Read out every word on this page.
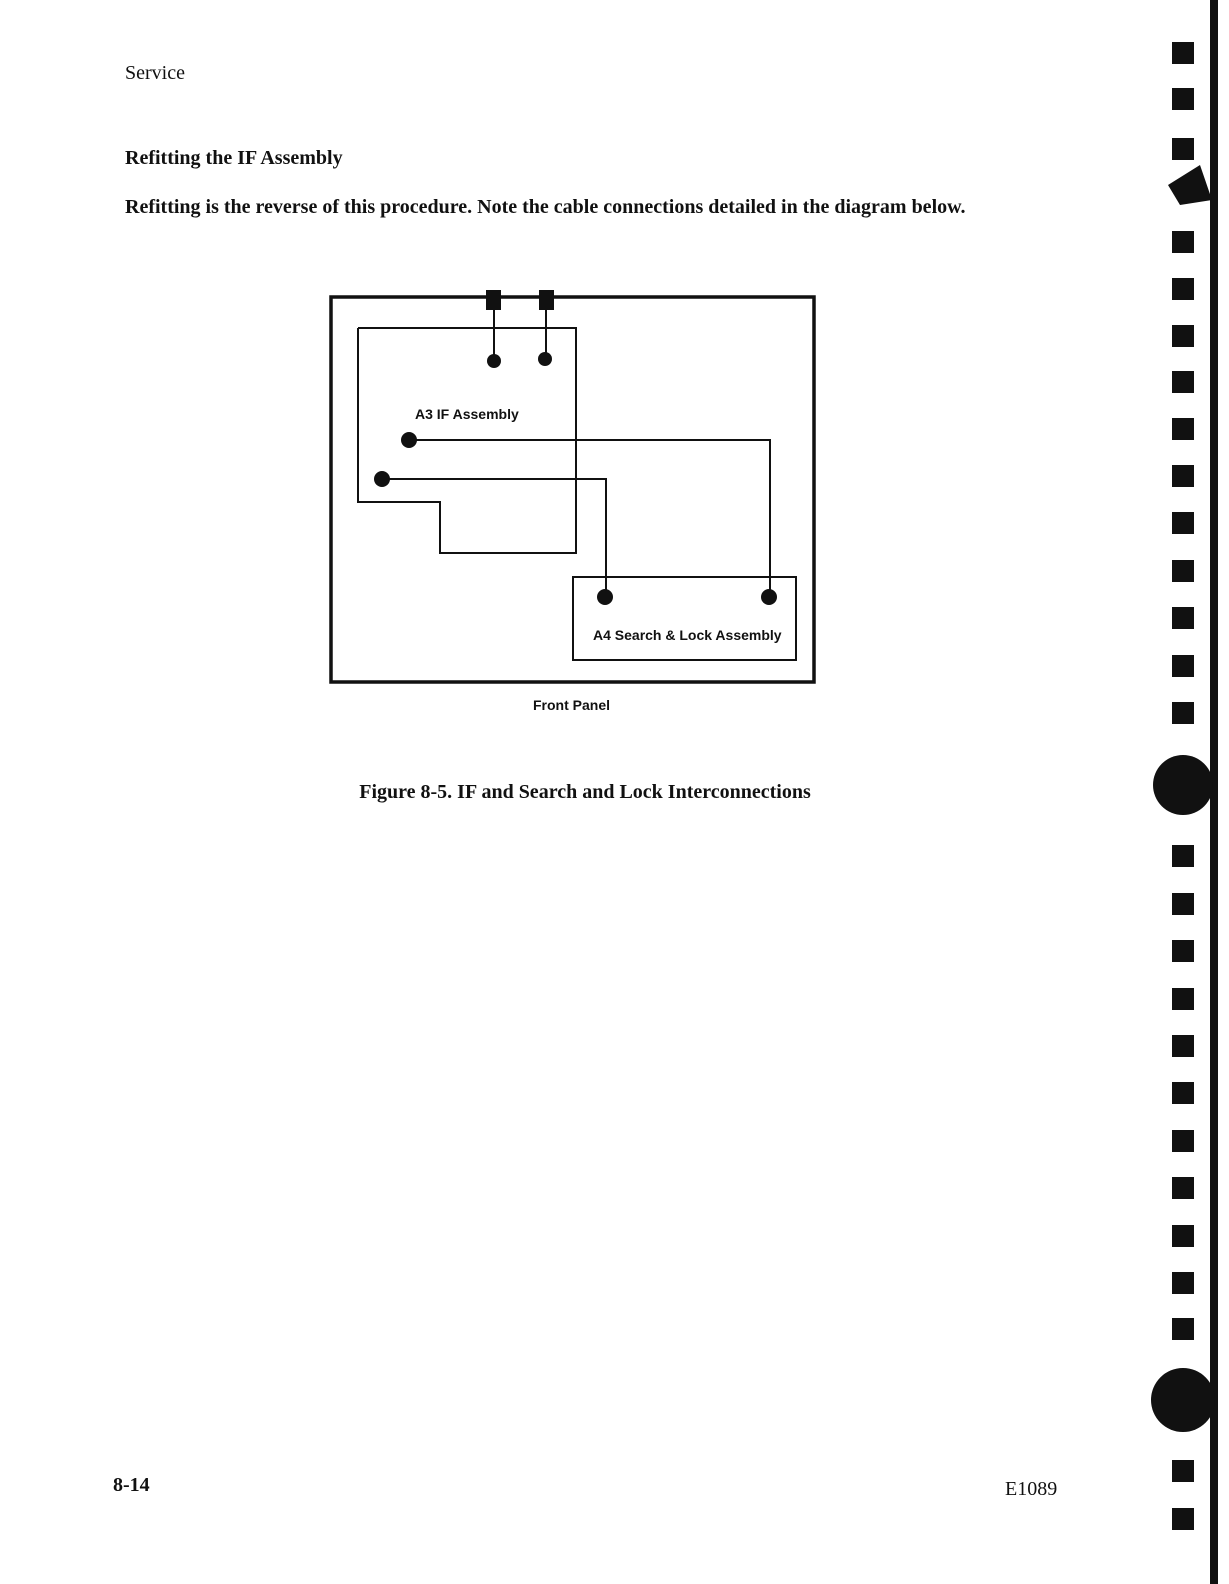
Service
Refitting the IF Assembly
Refitting is the reverse of this procedure. Note the cable connections detailed in the diagram below.
A3 IF Assembly
A4 Search & Lock Assembly
Front Panel
Figure 8-5. IF and Search and Lock Interconnections
8-14	E1089
